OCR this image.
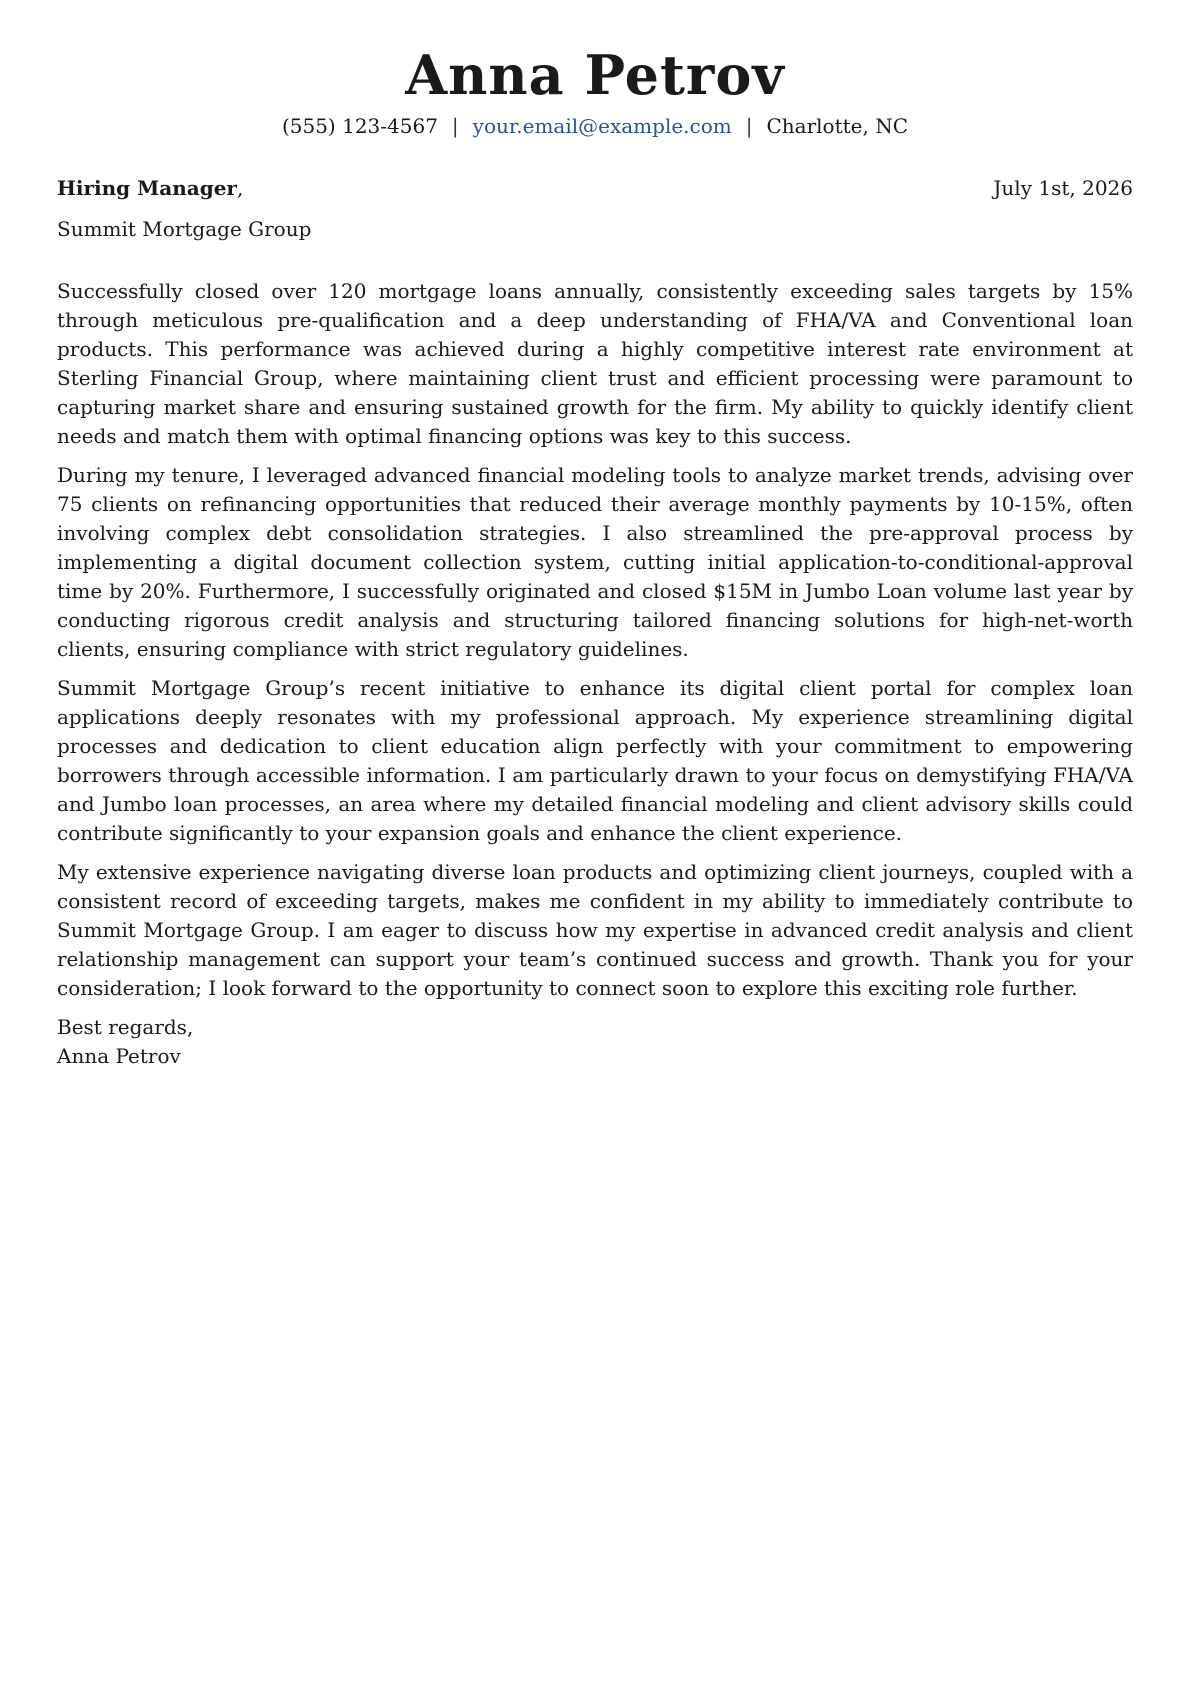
Anna Petrov
(555) 123-4567 | your.email@example.com | Charlotte, NC
Hiring Manager,	July 1st, 2026
Summit Mortgage Group

Successfully closed over 120 mortgage loans annually, consistently exceeding sales targets by 15% through meticulous pre-qualification and a deep understanding of FHA/VA and Conventional loan products. This performance was achieved during a highly competitive interest rate environment at Sterling Financial Group, where maintaining client trust and efficient processing were paramount to capturing market share and ensuring sustained growth for the firm. My ability to quickly identify client needs and match them with optimal financing options was key to this success.

During my tenure, I leveraged advanced financial modeling tools to analyze market trends, advising over 75 clients on refinancing opportunities that reduced their average monthly payments by 10-15%, often involving complex debt consolidation strategies. I also streamlined the pre-approval process by implementing a digital document collection system, cutting initial application-to-conditional-approval time by 20%. Furthermore, I successfully originated and closed $15M in Jumbo Loan volume last year by conducting rigorous credit analysis and structuring tailored financing solutions for high-net-worth clients, ensuring compliance with strict regulatory guidelines.

Summit Mortgage Group’s recent initiative to enhance its digital client portal for complex loan applications deeply resonates with my professional approach. My experience streamlining digital processes and dedication to client education align perfectly with your commitment to empowering borrowers through accessible information. I am particularly drawn to your focus on demystifying FHA/VA and Jumbo loan processes, an area where my detailed financial modeling and client advisory skills could contribute significantly to your expansion goals and enhance the client experience.

My extensive experience navigating diverse loan products and optimizing client journeys, coupled with a consistent record of exceeding targets, makes me confident in my ability to immediately contribute to Summit Mortgage Group. I am eager to discuss how my expertise in advanced credit analysis and client relationship management can support your team’s continued success and growth. Thank you for your consideration; I look forward to the opportunity to connect soon to explore this exciting role further.

Best regards,
Anna Petrov
